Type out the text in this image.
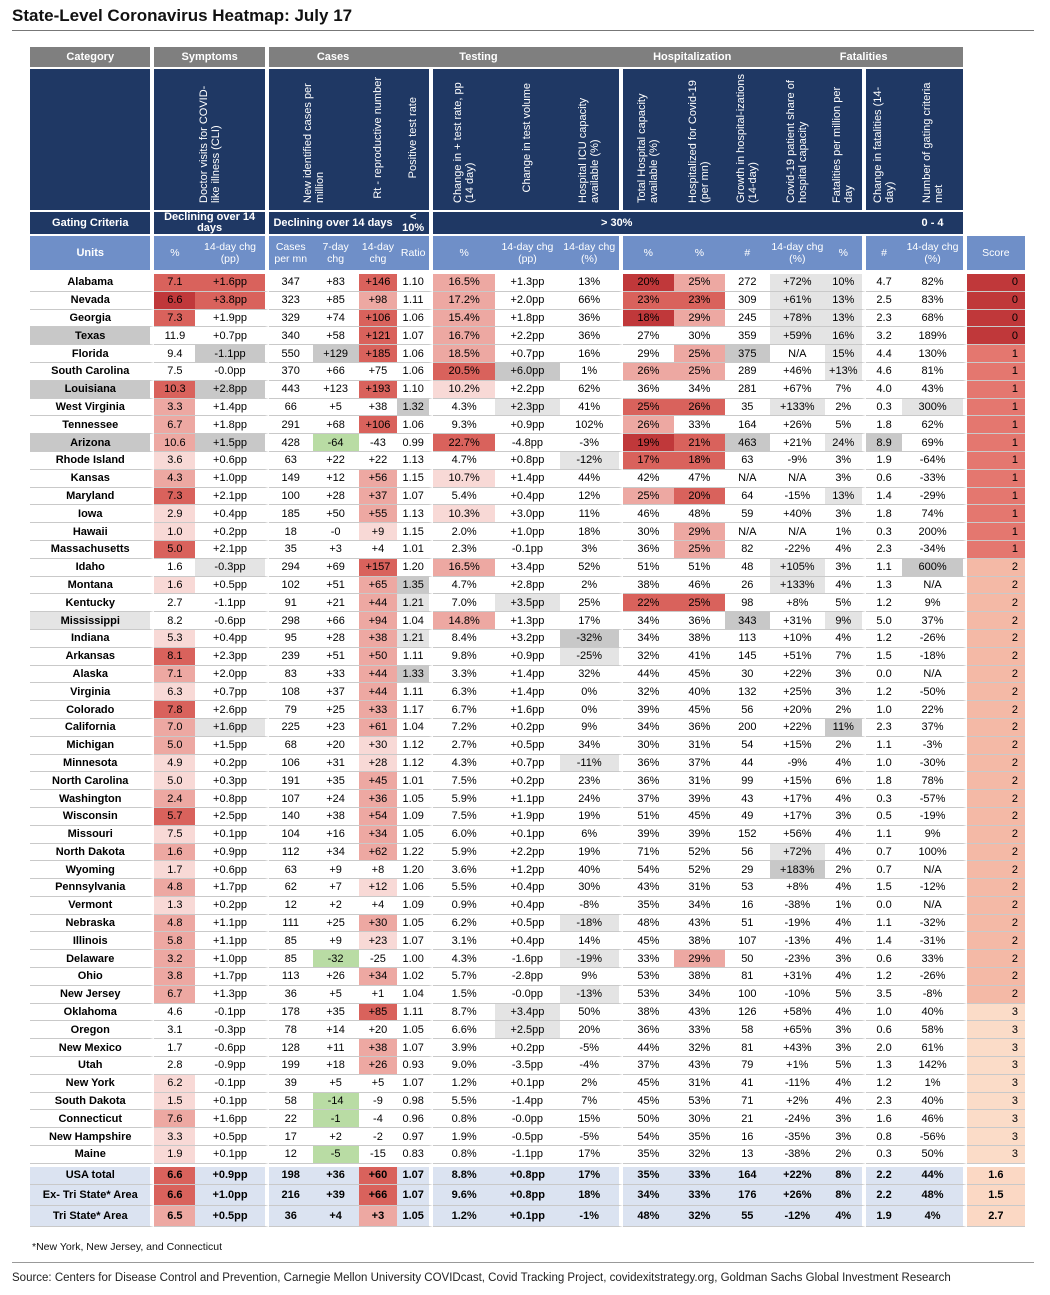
State-Level Coronavirus Heatmap: July 17
Category	Symptoms		Cases			Testing			Hospitalization					Fatalities			
	Doctor visits for COVID-like illness (CLI)		New identified cases per million		Rt - reproductive number	Positive test rate	Change in + test rate, pp (14 day)	Change in test volume	Hospital ICU capacity available (%)	Total Hospital capacity available (%)	Hospitalized for Covid-19 (per mn)	Growth in hospital-izations (14-day)	Covid-19 patient share of hospital capacity	Fatalities per million per day	Change in fatalities (14-day)	Number of gating criteria met	
Gating Criteria	Declining over 14 days		Declining over 14 days			< 10%			> 30%							0 - 4	
Units	%	14-day chg (pp)	Cases per mn	7-day chg	14-day chg	Ratio	%	14-day chg (pp)	14-day chg (%)	%	%	#	14-day chg (%)	%	#	14-day chg (%)	Score
Alabama	7.1	+1.6pp	347	+83	+146	1.10	16.5%	+1.3pp	13%	20%	25%	272	+72%	10%	4.7	82%	0
Nevada	6.6	+3.8pp	323	+85	+98	1.11	17.2%	+2.0pp	66%	23%	23%	309	+61%	13%	2.5	83%	0
Georgia	7.3	+1.9pp	329	+74	+106	1.06	15.4%	+1.8pp	36%	18%	29%	245	+78%	13%	2.3	68%	0
Texas	11.9	+0.7pp	340	+58	+121	1.07	16.7%	+2.2pp	36%	27%	30%	359	+59%	16%	3.2	189%	0
Florida	9.4	-1.1pp	550	+129	+185	1.06	18.5%	+0.7pp	16%	29%	25%	375	N/A	15%	4.4	130%	1
South Carolina	7.5	-0.0pp	370	+66	+75	1.06	20.5%	+6.0pp	1%	26%	25%	289	+46%	+13%	4.6	81%	1
Louisiana	10.3	+2.8pp	443	+123	+193	1.10	10.2%	+2.2pp	62%	36%	34%	281	+67%	7%	4.0	43%	1
West Virginia	3.3	+1.4pp	66	+5	+38	1.32	4.3%	+2.3pp	41%	25%	26%	35	+133%	2%	0.3	300%	1
Tennessee	6.7	+1.8pp	291	+68	+106	1.06	9.3%	+0.9pp	102%	26%	33%	164	+26%	5%	1.8	62%	1
Arizona	10.6	+1.5pp	428	-64	-43	0.99	22.7%	-4.8pp	-3%	19%	21%	463	+21%	24%	8.9	69%	1
Rhode Island	3.6	+0.6pp	63	+22	+22	1.13	4.7%	+0.8pp	-12%	17%	18%	63	-9%	3%	1.9	-64%	1
Kansas	4.3	+1.0pp	149	+12	+56	1.15	10.7%	+1.4pp	44%	42%	47%	N/A	N/A	3%	0.6	-33%	1
Maryland	7.3	+2.1pp	100	+28	+37	1.07	5.4%	+0.4pp	12%	25%	20%	64	-15%	13%	1.4	-29%	1
Iowa	2.9	+0.4pp	185	+50	+55	1.13	10.3%	+3.0pp	11%	46%	48%	59	+40%	3%	1.8	74%	1
Hawaii	1.0	+0.2pp	18	-0	+9	1.15	2.0%	+1.0pp	18%	30%	29%	N/A	N/A	1%	0.3	200%	1
Massachusetts	5.0	+2.1pp	35	+3	+4	1.01	2.3%	-0.1pp	3%	36%	25%	82	-22%	4%	2.3	-34%	1
Idaho	1.6	-0.3pp	294	+69	+157	1.20	16.5%	+3.4pp	52%	51%	51%	48	+105%	3%	1.1	600%	2
Montana	1.6	+0.5pp	102	+51	+65	1.35	4.7%	+2.8pp	2%	38%	46%	26	+133%	4%	1.3	N/A	2
Kentucky	2.7	-1.1pp	91	+21	+44	1.21	7.0%	+3.5pp	25%	22%	25%	98	+8%	5%	1.2	9%	2
Mississippi	8.2	-0.6pp	298	+66	+94	1.04	14.8%	+1.3pp	17%	34%	36%	343	+31%	9%	5.0	37%	2
Indiana	5.3	+0.4pp	95	+28	+38	1.21	8.4%	+3.2pp	-32%	34%	38%	113	+10%	4%	1.2	-26%	2
Arkansas	8.1	+2.3pp	239	+51	+50	1.11	9.8%	+0.9pp	-25%	32%	41%	145	+51%	7%	1.5	-18%	2
Alaska	7.1	+2.0pp	83	+33	+44	1.33	3.3%	+1.4pp	32%	44%	45%	30	+22%	3%	0.0	N/A	2
Virginia	6.3	+0.7pp	108	+37	+44	1.11	6.3%	+1.4pp	0%	32%	40%	132	+25%	3%	1.2	-50%	2
Colorado	7.8	+2.6pp	79	+25	+33	1.17	6.7%	+1.6pp	0%	39%	45%	56	+20%	2%	1.0	22%	2
California	7.0	+1.6pp	225	+23	+61	1.04	7.2%	+0.2pp	9%	34%	36%	200	+22%	11%	2.3	37%	2
Michigan	5.0	+1.5pp	68	+20	+30	1.12	2.7%	+0.5pp	34%	30%	31%	54	+15%	2%	1.1	-3%	2
Minnesota	4.9	+0.2pp	106	+31	+28	1.12	4.3%	+0.7pp	-11%	36%	37%	44	-9%	4%	1.0	-30%	2
North Carolina	5.0	+0.3pp	191	+35	+45	1.01	7.5%	+0.2pp	23%	36%	31%	99	+15%	6%	1.8	78%	2
Washington	2.4	+0.8pp	107	+24	+36	1.05	5.9%	+1.1pp	24%	37%	39%	43	+17%	4%	0.3	-57%	2
Wisconsin	5.7	+2.5pp	140	+38	+54	1.09	7.5%	+1.9pp	19%	51%	45%	49	+17%	3%	0.5	-19%	2
Missouri	7.5	+0.1pp	104	+16	+34	1.05	6.0%	+0.1pp	6%	39%	39%	152	+56%	4%	1.1	9%	2
North Dakota	1.6	+0.9pp	112	+34	+62	1.22	5.9%	+2.2pp	19%	71%	52%	56	+72%	4%	0.7	100%	2
Wyoming	1.7	+0.6pp	63	+9	+8	1.20	3.6%	+1.2pp	40%	54%	52%	29	+183%	2%	0.7	N/A	2
Pennsylvania	4.8	+1.7pp	62	+7	+12	1.06	5.5%	+0.4pp	30%	43%	31%	53	+8%	4%	1.5	-12%	2
Vermont	1.3	+0.2pp	12	+2	+4	1.09	0.9%	+0.4pp	-8%	35%	34%	16	-38%	1%	0.0	N/A	2
Nebraska	4.8	+1.1pp	111	+25	+30	1.05	6.2%	+0.5pp	-18%	48%	43%	51	-19%	4%	1.1	-32%	2
Illinois	5.8	+1.1pp	85	+9	+23	1.07	3.1%	+0.4pp	14%	45%	38%	107	-13%	4%	1.4	-31%	2
Delaware	3.2	+1.0pp	85	-32	-25	1.00	4.3%	-1.6pp	-19%	33%	29%	50	-23%	3%	0.6	33%	2
Ohio	3.8	+1.7pp	113	+26	+34	1.02	5.7%	-2.8pp	9%	53%	38%	81	+31%	4%	1.2	-26%	2
New Jersey	6.7	+1.3pp	36	+5	+1	1.04	1.5%	-0.0pp	-13%	53%	34%	100	-10%	5%	3.5	-8%	2
Oklahoma	4.6	-0.1pp	178	+35	+85	1.11	8.7%	+3.4pp	50%	38%	43%	126	+58%	4%	1.0	40%	3
Oregon	3.1	-0.3pp	78	+14	+20	1.05	6.6%	+2.5pp	20%	36%	33%	58	+65%	3%	0.6	58%	3
New Mexico	1.7	-0.6pp	128	+11	+38	1.07	3.9%	+0.2pp	-5%	44%	32%	81	+43%	3%	2.0	61%	3
Utah	2.8	-0.9pp	199	+18	+26	0.93	9.0%	-3.5pp	-4%	37%	43%	79	+1%	5%	1.3	142%	3
New York	6.2	-0.1pp	39	+5	+5	1.07	1.2%	+0.1pp	2%	45%	31%	41	-11%	4%	1.2	1%	3
South Dakota	1.5	+0.1pp	58	-14	-9	0.98	5.5%	-1.4pp	7%	45%	53%	71	+2%	4%	2.3	40%	3
Connecticut	7.6	+1.6pp	22	-1	-4	0.96	0.8%	-0.0pp	15%	50%	30%	21	-24%	3%	1.6	46%	3
New Hampshire	3.3	+0.5pp	17	+2	-2	0.97	1.9%	-0.5pp	-5%	54%	35%	16	-35%	3%	0.8	-56%	3
Maine	1.9	+0.1pp	12	-5	-15	0.83	0.8%	-1.1pp	17%	35%	32%	13	-38%	2%	0.3	50%	3
USA total	6.6	+0.9pp	198	+36	+60	1.07	8.8%	+0.8pp	17%	35%	33%	164	+22%	8%	2.2	44%	1.6
Ex- Tri State* Area	6.6	+1.0pp	216	+39	+66	1.07	9.6%	+0.8pp	18%	34%	33%	176	+26%	8%	2.2	48%	1.5
Tri State* Area	6.5	+0.5pp	36	+4	+3	1.05	1.2%	+0.1pp	-1%	48%	32%	55	-12%	4%	1.9	4%	2.7
*New York, New Jersey, and Connecticut
Source: Centers for Disease Control and Prevention, Carnegie Mellon University COVIDcast, Covid Tracking Project, covidexitstrategy.org, Goldman Sachs Global Investment Research
